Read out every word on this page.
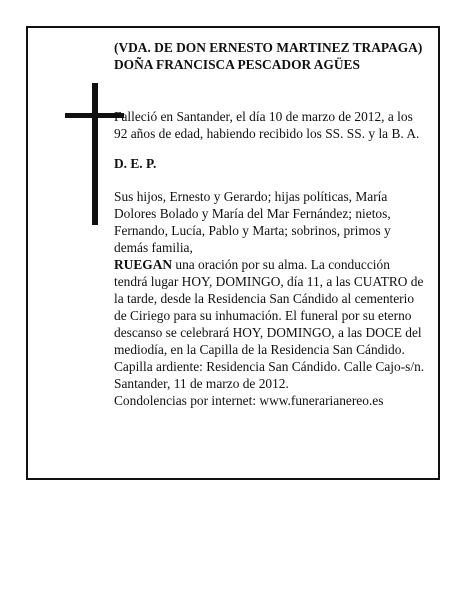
(VDA. DE DON ERNESTO MARTINEZ TRAPAGA)

DOÑA FRANCISCA PESCADOR AGÜES

Falleció en Santander, el día 10 de marzo de 2012, a los 92 años de edad, habiendo recibido los SS. SS. y la B. A.

D. E. P.

Sus hijos, Ernesto y Gerardo; hijas políticas, María Dolores Bolado y María del Mar Fernández; nietos, Fernando, Lucía, Pablo y Marta; sobrinos, primos y demás familia,

RUEGAN una oración por su alma. La conducción tendrá lugar HOY, DOMINGO, día 11, a las CUATRO de la tarde, desde la Residencia San Cándido al cementerio de Ciriego para su inhumación. El funeral por su eterno descanso se celebrará HOY, DOMINGO, a las DOCE del mediodía, en la Capilla de la Residencia San Cándido. Capilla ardiente: Residencia San Cándido. Calle Cajo-s/n.

Santander, 11 de marzo de 2012.

Condolencias por internet: www.funerarianereo.es
